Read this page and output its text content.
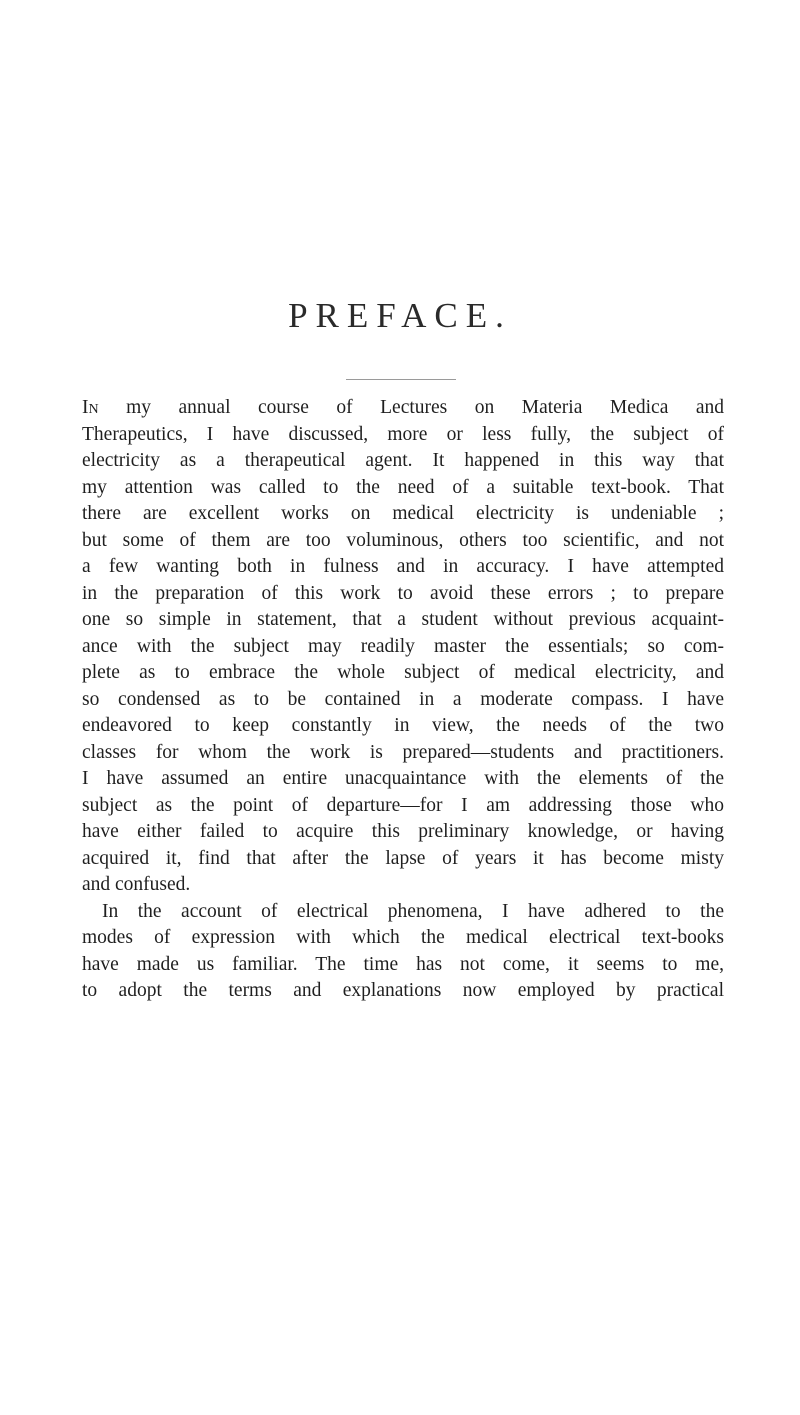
PREFACE.
In my annual course of Lectures on Materia Medica and
Therapeutics, I have discussed, more or less fully, the subject of
electricity as a therapeutical agent. It happened in this way that
my attention was called to the need of a suitable text-book. That
there are excellent works on medical electricity is undeniable ;
but some of them are too voluminous, others too scientific, and not
a few wanting both in fulness and in accuracy. I have attempted
in the preparation of this work to avoid these errors ; to prepare
one so simple in statement, that a student without previous acquaint-
ance with the subject may readily master the essentials; so com-
plete as to embrace the whole subject of medical electricity, and
so condensed as to be contained in a moderate compass. I have
endeavored to keep constantly in view, the needs of the two
classes for whom the work is prepared—students and practitioners.
I have assumed an entire unacquaintance with the elements of the
subject as the point of departure—for I am addressing those who
have either failed to acquire this preliminary knowledge, or having
acquired it, find that after the lapse of years it has become misty
and confused.
In the account of electrical phenomena, I have adhered to the
modes of expression with which the medical electrical text-books
have made us familiar. The time has not come, it seems to me,
to adopt the terms and explanations now employed by practical
